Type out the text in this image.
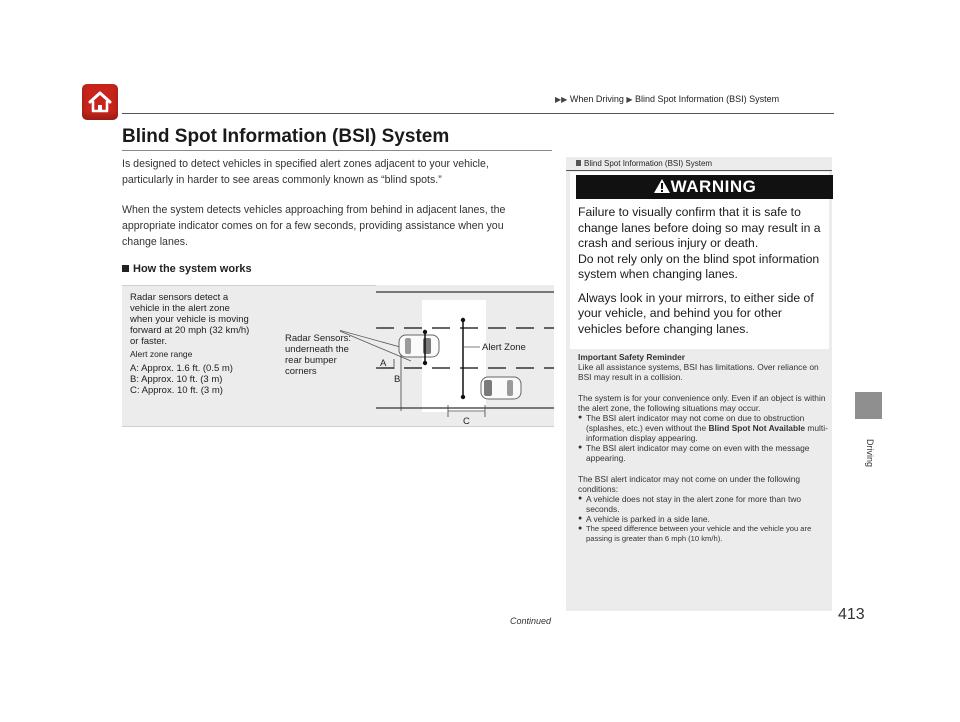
▶▶ When Driving ▶ Blind Spot Information (BSI) System
Blind Spot Information (BSI) System
Is designed to detect vehicles in specified alert zones adjacent to your vehicle,
particularly in harder to see areas commonly known as “blind spots.”
When the system detects vehicles approaching from behind in adjacent lanes, the
appropriate indicator comes on for a few seconds, providing assistance when you
change lanes.
How the system works
Radar sensors detect a
vehicle in the alert zone
when your vehicle is moving
forward at 20 mph (32 km/h)
or faster.
Alert zone range
A: Approx. 1.6 ft. (0.5 m)
B: Approx. 10 ft. (3 m)
C: Approx. 10 ft. (3 m)
Radar Sensors:
underneath the
rear bumper
corners
Alert Zone
A
B
C
Blind Spot Information (BSI) System
WARNING

Failure to visually confirm that it is safe to change lanes before doing so may result in a crash and serious injury or death.

Do not rely only on the blind spot information system when changing lanes.

Always look in your mirrors, to either side of your vehicle, and behind you for other vehicles before changing lanes.

Important Safety Reminder

Like all assistance systems, BSI has limitations. Over reliance on BSI may result in a collision.

The system is for your convenience only. Even if an object is within the alert zone, the following situations may occur.
● The BSI alert indicator may not come on due to obstruction (splashes, etc.) even without the Blind Spot Not Available multi-information display appearing.
● The BSI alert indicator may come on even with the message appearing.
The BSI alert indicator may not come on under the following conditions:
● A vehicle does not stay in the alert zone for more than two seconds.
● A vehicle is parked in a side lane.
● The speed difference between your vehicle and the vehicle you are passing is greater than 6 mph (10 km/h).
Driving
Continued	413
